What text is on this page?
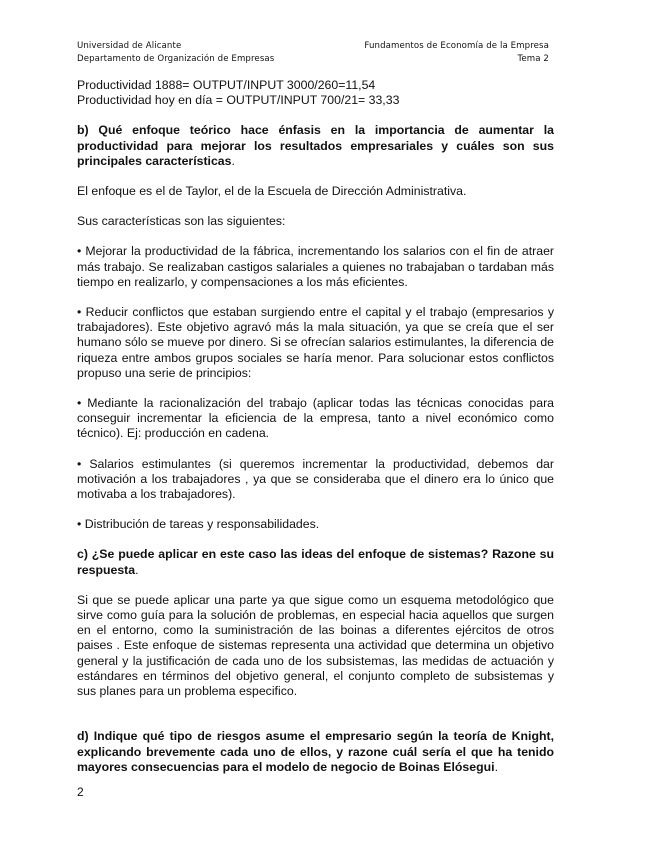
Universidad de Alicante
Departamento de Organización de Empresas
Fundamentos de Economía de la Empresa
Tema 2

Productividad 1888= OUTPUT/INPUT 3000/260=11,54

Productividad hoy en día = OUTPUT/INPUT 700/21= 33,33

b) Qué enfoque teórico hace énfasis en la importancia de aumentar la productividad para mejorar los resultados empresariales y cuáles son sus principales características.

El enfoque es el de Taylor, el de la Escuela de Dirección Administrativa.

Sus características son las siguientes:

• Mejorar la productividad de la fábrica, incrementando los salarios con el fin de atraer más trabajo. Se realizaban castigos salariales a quienes no trabajaban o tardaban más tiempo en realizarlo, y compensaciones a los más eficientes.

• Reducir conflictos que estaban surgiendo entre el capital y el trabajo (empresarios y trabajadores). Este objetivo agravó más la mala situación, ya que se creía que el ser humano sólo se mueve por dinero. Si se ofrecían salarios estimulantes, la diferencia de riqueza entre ambos grupos sociales se haría menor. Para solucionar estos conflictos propuso una serie de principios:

• Mediante la racionalización del trabajo (aplicar todas las técnicas conocidas para conseguir incrementar la eficiencia de la empresa, tanto a nivel económico como técnico). Ej: producción en cadena.

• Salarios estimulantes (si queremos incrementar la productividad, debemos dar motivación a los trabajadores , ya que se consideraba que el dinero era lo único que motivaba a los trabajadores).

• Distribución de tareas y responsabilidades.

c) ¿Se puede aplicar en este caso las ideas del enfoque de sistemas? Razone su respuesta.

Si que se puede aplicar una parte ya que sigue como un esquema metodológico que sirve como guía para la solución de problemas, en especial hacia aquellos que surgen en el entorno, como la suministración de las boinas a diferentes ejércitos de otros paises . Este enfoque de sistemas representa una actividad que determina un objetivo general y la justificación de cada uno de los subsistemas, las medidas de actuación y estándares en términos del objetivo general, el conjunto completo de subsistemas y sus planes para un problema especifico.

d) Indique qué tipo de riesgos asume el empresario según la teoría de Knight, explicando brevemente cada uno de ellos, y razone cuál sería el que ha tenido mayores consecuencias para el modelo de negocio de Boinas Elósegui.

2
